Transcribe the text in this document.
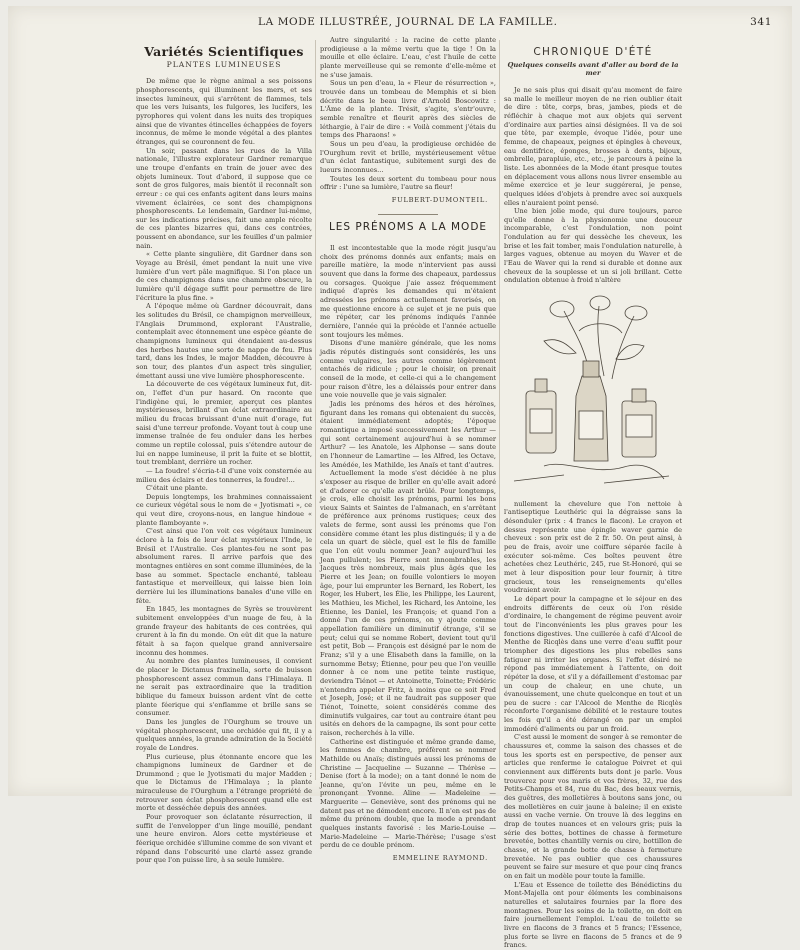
LA MODE ILLUSTRÉE, JOURNAL DE LA FAMILLE.	341
Variétés Scientifiques
PLANTES LUMINEUSES

De même que le règne animal a ses poissons phosphorescents, qui illuminent les mers, et ses insectes lumineux, qui s'arrêtent de flammes, tels que les vers luisants, les fulgores, les lucifers, les pyrophores qui volent dans les nuits des tropiques ainsi que de vivantes étincelles échappées de foyers inconnus, de même le monde végétal a des plantes étranges, qui se couronnent de feu.

Un soir, passant dans les rues de la Villa nationale, l'illustre explorateur Gardner remarque une troupe d'enfants en train de jouer avec des objets lumineux. Tout d'abord, il suppose que ce sont de gros fulgores, mais bientôt il reconnaît son erreur : ce qui ces enfants agitent dans leurs mains vivement éclairées, ce sont des champignons phosphorescents. Le lendemain, Gardner lui-même, sur les indications précises, fait une ample récolte de ces plantes bizarres qui, dans ces contrées, poussent en abondance, sur les feuilles d'un palmier nain.

« Cette plante singulière, dit Gardner dans son Voyage au Brésil, émet pendant la nuit une vive lumière d'un vert pâle magnifique. Si l'on place un de ces champignons dans une chambre obscure, la lumière qu'il dégage suffit pour permettre de lire l'écriture la plus fine. »

A l'époque même où Gardner découvrait, dans les solitudes du Brésil, ce champignon merveilleux, l'Anglais Drummond, explorant l'Australie, contemplait avec étonnement une espèce géante de champignons lumineux qui étendaient au-dessus des herbes hautes une sorte de nappe de feu. Plus tard, dans les Indes, le major Madden, découvre à son tour, des plantes d'un aspect très singulier, émettant aussi une vive lumière phosphorescente.

La découverte de ces végétaux lumineux fut, dit-on, l'effet d'un pur hasard. On raconte que l'indigène qui, le premier, aperçut ces plantes mystérieuses, brillant d'un éclat extraordinaire au milieu du fracas bruissant d'une nuit d'orage, fut saisi d'une terreur profonde. Voyant tout à coup une immense traînée de feu onduler dans les herbes comme un reptile colossal, puis s'étendre autour de lui en nappe lumineuse, il prit la fuite et se blottit, tout tremblant, derrière un rocher.

— La foudre! s'écria-t-il d'une voix consternée au milieu des éclairs et des tonnerres, la foudre!...

C'était une plante.

Depuis longtemps, les brahmines connaissaient ce curieux végétal sous le nom de « Jyotismati », ce qui veut dire, croyons-nous, en langue hindoue « plante flamboyante ».

C'est ainsi que l'on voit ces végétaux lumineux éclore à la fois de leur éclat mystérieux l'Inde, le Brésil et l'Australie. Ces plantes-feu ne sont pas absolument rares. Il arrive parfois que des montagnes entières en sont comme illuminées, de la base au sommet. Spectacle enchanté, tableau fantastique et merveilleux, qui laisse bien loin derrière lui les illuminations banales d'une ville en fête.

En 1845, les montagnes de Syrès se trouvèrent subitement enveloppées d'un nuage de feu, à la grande frayeur des habitants de ces contrées, qui crurent à la fin du monde. On eût dit que la nature fêtait à sa façon quelque grand anniversaire inconnu des hommes.

Au nombre des plantes lumineuses, il convient de placer le Dictamus fraxinella, sorte de buisson phosphorescent assez commun dans l'Himalaya. Il ne serait pas extraordinaire que la tradition biblique du fameux buisson ardent vînt de cette plante féerique qui s'enflamme et brille sans se consumer.

Dans les jungles de l'Ourghum se trouve un végétal phosphorescent, une orchidée qui fit, il y a quelques années, la grande admiration de la Société royale de Londres.

Plus curieuse, plus étonnante encore que les champignons lumineux de Gardner et de Drummond ; que le Jyotismati du major Madden ; que le Dictamus de l'Himalaya ; la plante miraculeuse de l'Ourghum a l'étrange propriété de retrouver son éclat phosphorescent quand elle est morte et desséchée depuis des années.

Pour provoquer son éclatante résurrection, il suffit de l'envelopper d'un linge mouillé, pendant une heure environ. Alors cette mystérieuse et féerique orchidée s'illumine comme de son vivant et répand dans l'obscurité une clarté assez grande pour que l'on puisse lire, à sa seule lumière.

Autre singularité : la racine de cette plante prodigieuse a la même vertu que la tige ! On la mouille et elle éclaire. L'eau, c'est l'huile de cette plante merveilleuse qui se remonte d'elle-même et ne s'use jamais.

Sous un pen d'eau, la « Fleur de résurrection », trouvée dans un tombeau de Memphis et si bien décrite dans le beau livre d'Arnold Boscowitz : L'Âme de la plante. Trésit, s'agite, s'entr'ouvre, semble renaître et fleurit après des siècles de léthargie, à l'air de dire : « Voilà comment j'étais du temps des Pharaons! »

Sous un peu d'eau, la prodigieuse orchidée de l'Ourghum revit et brille, mystérieusement vêtue d'un éclat fantastique, subitement surgi des de lueurs inconnues...

Toutes les deux sortent du tombeau pour nous offrir : l'une sa lumière, l'autre sa fleur!

FULBERT-DUMONTEIL.
LES PRÉNOMS A LA MODE

Il est incontestable que la mode régit jusqu'au choix des prénoms donnés aux enfants; mais en pareille matière, la mode n'intervient pas aussi souvent que dans la forme des chapeaux, pardessus ou corsages. Quoique j'aie assez fréquemment indiqué d'après les demandes qui m'étaient adressées les prénoms actuellement favorisés, on me questionne encore à ce sujet et je ne puis que me répéter, car les prénoms indiqués l'année dernière, l'année qui la précède et l'année actuelle sont toujours les mêmes.

Disons d'une manière générale, que les noms jadis réputés distingués sont considérés, les uns comme vulgaires, les autres comme légèrement entachés de ridicule ; pour le choisir, on prenait conseil de la mode, et celle-ci qui a le changement pour raison d'être, les a délaissés pour entrer dans une voie nouvelle que je vais signaler.

Jadis les prénoms des héros et des héroïnes, figurant dans les romans qui obtenaient du succès, étaient immédiatement adoptés; l'époque romantique a imposé successivement les Arthur — qui sont certainement aujourd'hui à se nommer Arthur? — les Anatole, les Alphonse — sans doute en l'honneur de Lamartine — les Alfred, les Octave, les Amédée, les Mathilde, les Anaïs et tant d'autres.

Actuellement la mode s'est décidée à ne plus s'exposer au risque de briller en qu'elle avait adoré et d'adorer ce qu'elle avait brûlé. Pour longtemps, je crois, elle choisit les prénoms, parmi les bons vieux Saints et Saintes de l'almanach, en s'arrêtant de préférence aux prénoms rustiques; ceux des valets de ferme, sont aussi les prénoms que l'on considère comme étant les plus distingués; il y a de cela un quart de siècle, quel est le fils de famille que l'on eût voulu nommer Jean? aujourd'hui les Jean pullulent; les Pierre sont innombrables, les Jacques très nombreux, mais plus âgés que les Pierre et les Jean; on fouille volontiers le moyen âge, pour lui emprunter les Bernard, les Robert, les Roger, les Hubert, les Élie, les Philippe, les Laurent, les Mathieu, les Michel, les Richard, les Antoine, les Étienne, les Daniel, les François; et quand l'on a donné l'un de ces prénoms, on y ajoute comme appellation familière un diminutif étrange, s'il se peut; celui qui se nomme Robert, devient tout qu'il est petit, Bob — François est désigné par le nom de Franz; s'il y a une Élisabeth dans la famille, on la surnomme Betsy; Étienne, pour peu que l'on veuille donner à ce nom une petite teinte rustique, deviendra Tiénot — et Antoinette, Toinette; Frédéric n'entendra appeler Fritz, à moins que ce soit Fred et Joseph, José; et il ne faudrait pas supposer que Tiénot, Toinette, soient considérés comme des diminutifs vulgaires, car tout au contraire étant peu usités en dehors de la campagne, ils sont pour cette raison, recherchés à la ville.

Catherine est distinguée et même grande dame, les femmes de chambre, préfèrent se nommer Mathilde ou Anaïs; distingués aussi les prénoms de Christine — Jacqueline — Suzanne — Thérèse — Denise (fort à la mode); on a tant donné le nom de Jeanne, qu'on l'évite un peu, même en le prononçant Yvonne. Aline — Madeleine — Marguerite — Geneviève, sont des prénoms qui ne datent pas et ne démodent encore. Il n'en est pas de même du prénom double, que la mode a prendant quelques instants favorisé : les Marie-Louise — Marie-Madeleine — Marie-Thérèse; l'usage s'est perdu de ce double prénom.

EMMELINE RAYMOND.
CHRONIQUE D'ÉTÉ
Quelques conseils avant d'aller au bord de la mer

Je ne sais plus qui disait qu'au moment de faire sa malle le meilleur moyen de ne rien oublier était de dire : tête, corps, bras, jambes, pieds et de réfléchir à chaque mot aux objets qui servent d'ordinaire aux parties ainsi désignées. Il va de soi que tête, par exemple, évoque l'idée, pour une femme, de chapeaux, peignes et épingles à cheveux, eau dentifrice, éponges, brosses à dents, bijoux, ombrelle, parapluie, etc., etc., je parcours à peine la liste. Les abonnées de la Mode étant presque toutes en déplacement vous allons nous livrer ensemble au même exercice et je leur suggérerai, je pense, quelques idées d'objets à prendre avec soi auxquels elles n'auraient point pensé.

Une bien jolie mode, qui dure toujours, parce qu'elle donne à la physionomie une douceur incomparable, c'est l'ondulation, non point l'ondulation au fer qui dessèche les cheveux, les brise et les fait tomber, mais l'ondulation naturelle, à larges vagues, obtenue au moyen du Waver et de l'Eau de Waver qui la rend si durable et donne aux cheveux de la souplesse et un si joli brillant. Cette ondulation obtenue à froid n'altère

nullement la chevelure que l'on nettoie à l'antiseptique Leuthéric qui la dégraisse sans la désonduler (prix : 4 francs le flacon). Le crayon et dessus représente une épingle waver garnie de cheveux : son prix est de 2 fr. 50. On peut ainsi, à peu de frais, avoir une coiffure séparée facile à exécuter soi-même. Ces boîtes peuvent être achetées chez Leuthéric, 245, rue St-Honoré, qui se met à leur disposition pour leur fournir, à titre gracieux, tous les renseignements qu'elles voudraient avoir.

Le départ pour la campagne et le séjour en des endroits différents de ceux où l'on réside d'ordinaire, le changement de régime peuvent avoir tout de l'inconvénients les plus graves pour les fonctions digestives. Une cuillerée à café d'Alcool de Menthe de Ricqlès dans une verre d'eau suffit pour triompher des digestions les plus rebelles sans fatiguer ni irriter les organes. Si l'effet désiré ne répond pas immédiatement à l'attente, on doit répéter la dose, et s'il y a défaillement d'estomac par un coup de chaleur, en une chute, un évanouissement, une chute quelconque en tout et un peu de sucre : car l'Alcool de Menthe de Ricqlès réconforte l'organisme débilité et le restaure toutes les fois qu'il a été dérangé on par un emploi immodéré d'aliments ou par un froid.

C'est aussi le moment de songer à se remonter de chaussures et, comme la saison des chasses et de tous les sports est en perspective, de penser aux articles que renferme le catalogue Poivret et qui conviennent aux différents buts dont je parle. Vous trouverez pour vos maris et vos frères, 32, rue des Petits-Champs et 84, rue du Bac, des beaux vernis, des guêtres, des molletières à boutons sans jonc, ou des molletières en cuir jaune à baleine; il en existe aussi en vache vernie. On trouve là des leggins en drap de toutes nuances et en velours gris; puis la série des bottes, bottines de chasse à fermeture brevetée, bottes chantilly vernis ou cire, bottillon de chasse, et la grande botte de chasse à fermeture brevetée. Ne pas oublier que ces chaussures peuvent se faire sur mesure et que pour cinq francs on en fait un modèle pour toute la famille.

L'Eau et Essence de toilette des Bénédictins du Mont-Majella ont pour éléments les combinaisons naturelles et salutaires fournies par la flore des montagnes. Pour les soins de la toilette, on doit en faire journellement l'emploi. L'eau de toilette se livre en flacons de 3 francs et 5 francs; l'Essence, plus forte se livre en flacons de 5 francs et de 9 francs.
